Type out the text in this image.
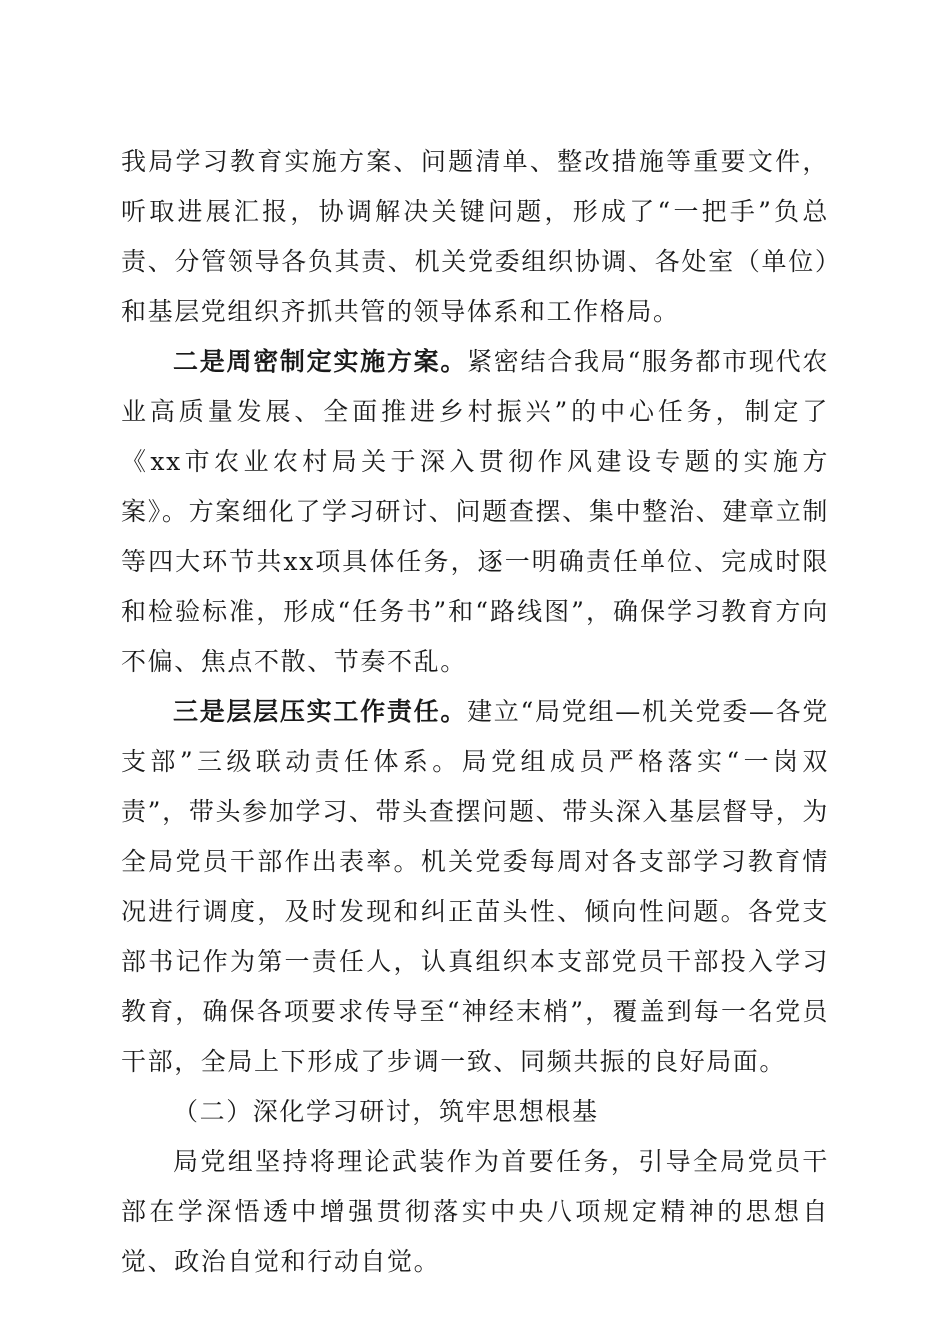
我局学习教育实施方案、问题清单、整改措施等重要文件，听取进展汇报，协调解决关键问题，形成了“一把手”负总责、分管领导各负其责、机关党委组织协调、各处室（单位）和基层党组织齐抓共管的领导体系和工作格局。

二是周密制定实施方案。紧密结合我局“服务都市现代农业高质量发展、全面推进乡村振兴”的中心任务，制定了《xx市农业农村局关于深入贯彻作风建设专题的实施方案》。方案细化了学习研讨、问题查摆、集中整治、建章立制等四大环节共xx项具体任务，逐一明确责任单位、完成时限和检验标准，形成“任务书”和“路线图”，确保学习教育方向不偏、焦点不散、节奏不乱。

三是层层压实工作责任。建立“局党组—机关党委—各党支部”三级联动责任体系。局党组成员严格落实“一岗双责”，带头参加学习、带头查摆问题、带头深入基层督导，为全局党员干部作出表率。机关党委每周对各支部学习教育情况进行调度，及时发现和纠正苗头性、倾向性问题。各党支部书记作为第一责任人，认真组织本支部党员干部投入学习教育，确保各项要求传导至“神经末梢”，覆盖到每一名党员干部，全局上下形成了步调一致、同频共振的良好局面。

（二）深化学习研讨，筑牢思想根基

局党组坚持将理论武装作为首要任务，引导全局党员干部在学深悟透中增强贯彻落实中央八项规定精神的思想自觉、政治自觉和行动自觉。
